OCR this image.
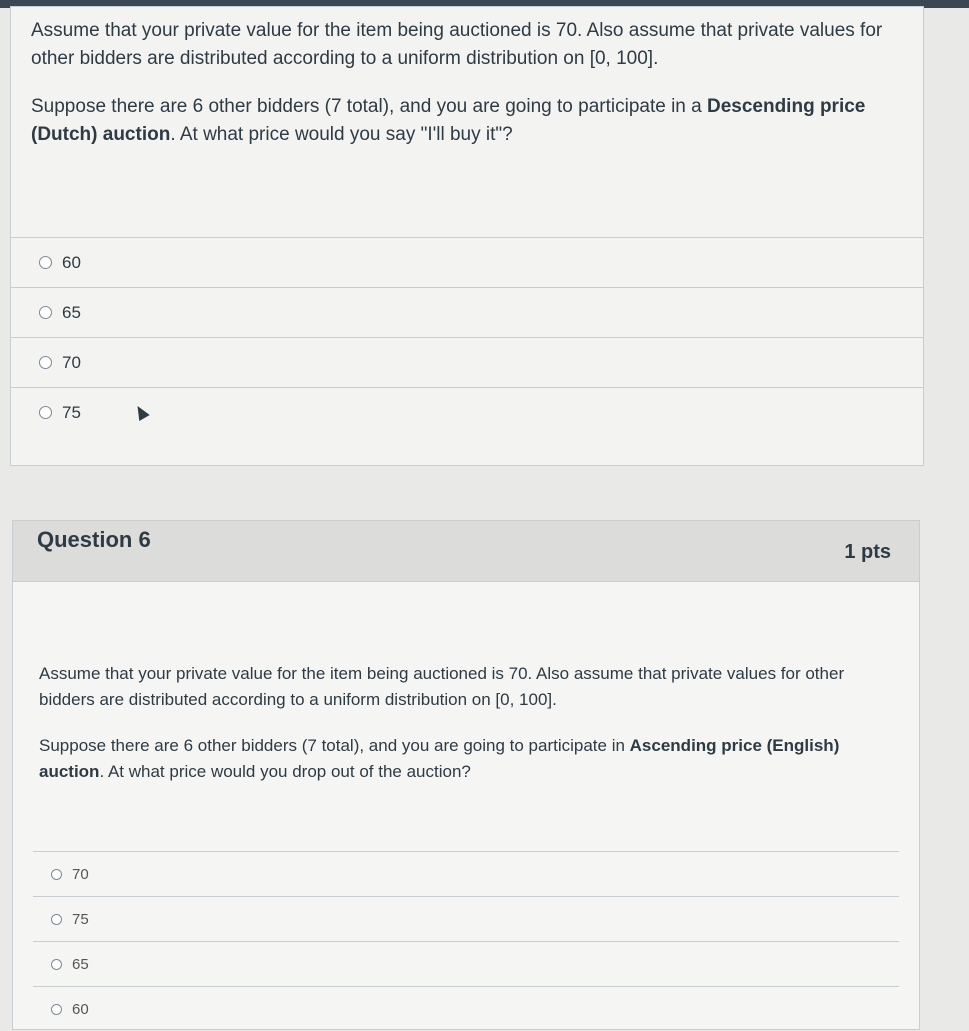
Assume that your private value for the item being auctioned is 70. Also assume that private values for other bidders are distributed according to a uniform distribution on [0, 100].

Suppose there are 6 other bidders (7 total), and you are going to participate in a Descending price (Dutch) auction. At what price would you say "I'll buy it"?

60
65
70
75
Question 6	1 pts

Assume that your private value for the item being auctioned is 70. Also assume that private values for other bidders are distributed according to a uniform distribution on [0, 100].

Suppose there are 6 other bidders (7 total), and you are going to participate in Ascending price (English) auction. At what price would you drop out of the auction?

70
75
65
60
